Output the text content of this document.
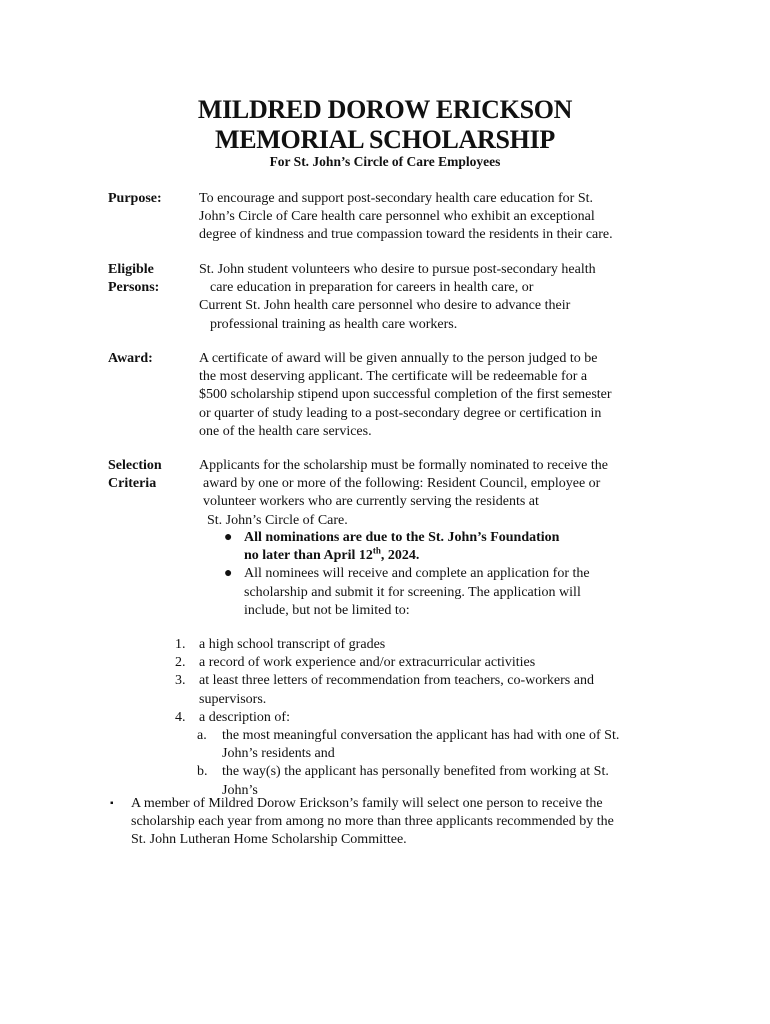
MILDRED DOROW ERICKSON
MEMORIAL SCHOLARSHIP
For St. John’s Circle of Care Employees
Purpose:	To encourage and support post-secondary health care education for St.
John’s Circle of Care health care personnel who exhibit an exceptional
degree of kindness and true compassion toward the residents in their care.
Eligible
Persons:
St. John student volunteers who desire to pursue post-secondary health
care education in preparation for careers in health care, or
Current St. John health care personnel who desire to advance their
professional training as health care workers.
Award:	A certificate of award will be given annually to the person judged to be
the most deserving applicant. The certificate will be redeemable for a
$500 scholarship stipend upon successful completion of the first semester
or quarter of study leading to a post-secondary degree or certification in
one of the health care services.
Selection
Criteria
Applicants for the scholarship must be formally nominated to receive the
award by one or more of the following: Resident Council, employee or
volunteer workers who are currently serving the residents at
St. John’s Circle of Care.
● All nominations are due to the St. John’s Foundation
no later than April 12th, 2024.
● All nominees will receive and complete an application for the
scholarship and submit it for screening. The application will
include, but not be limited to:
1. a high school transcript of grades
2. a record of work experience and/or extracurricular activities
3. at least three letters of recommendation from teachers, co-workers and
supervisors.
4. a description of:
a. the most meaningful conversation the applicant has had with one of St.
John’s residents and
b. the way(s) the applicant has personally benefited from working at St.
John’s
▪ A member of Mildred Dorow Erickson’s family will select one person to receive the
scholarship each year from among no more than three applicants recommended by the
St. John Lutheran Home Scholarship Committee.
